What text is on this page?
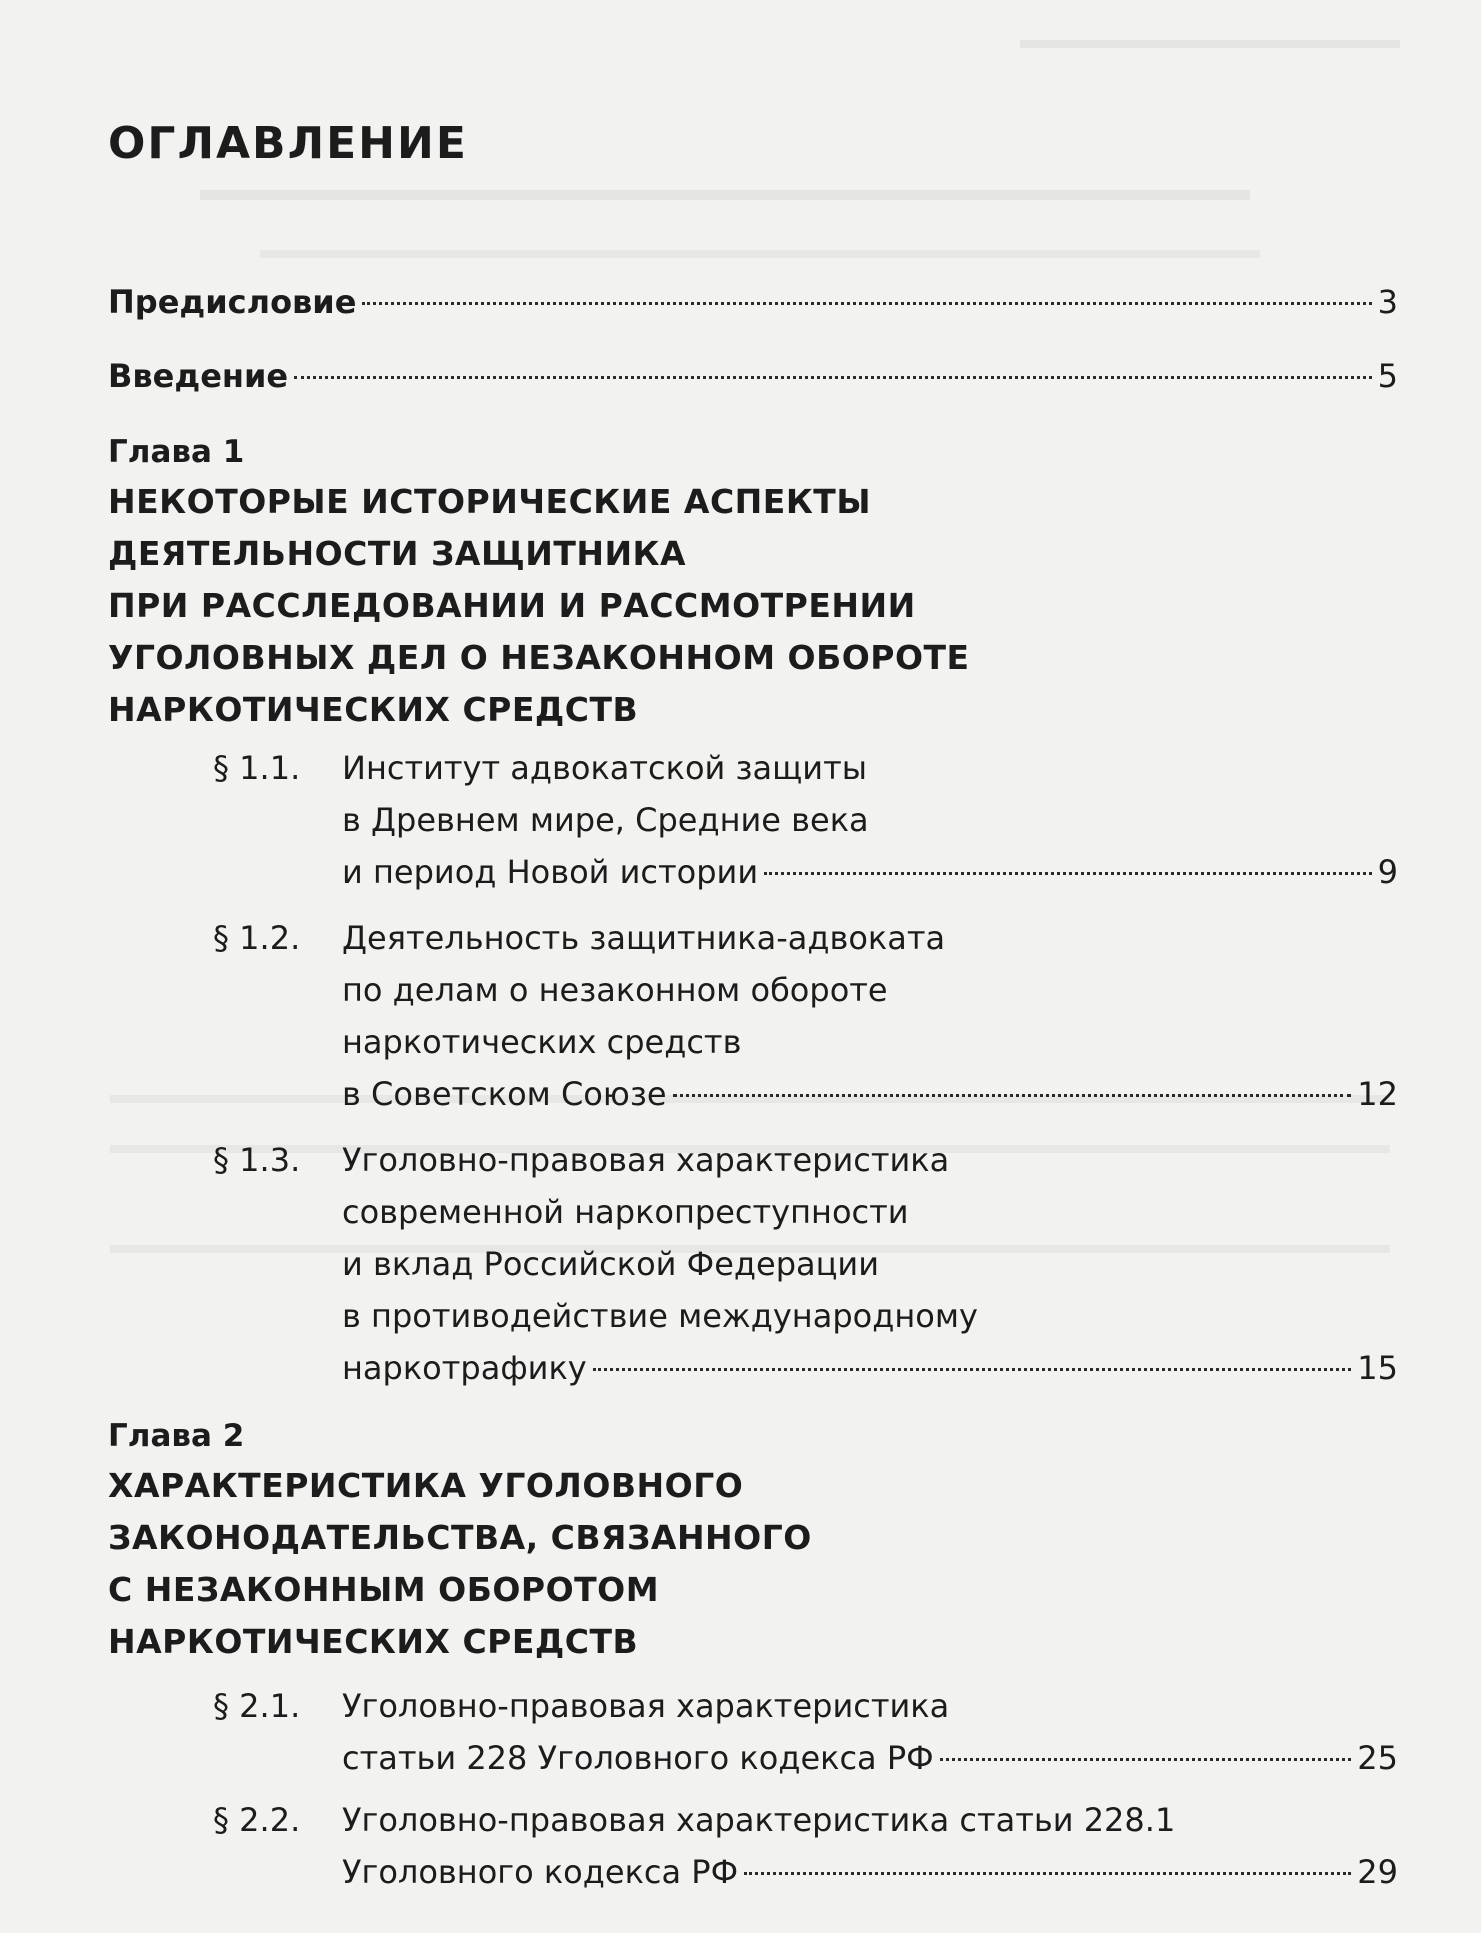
ОГЛАВЛЕНИЕ
Предисловие	3
Введение	5

Глава 1

НЕКОТОРЫЕ ИСТОРИЧЕСКИЕ АСПЕКТЫ
ДЕЯТЕЛЬНОСТИ ЗАЩИТНИКА
ПРИ РАССЛЕДОВАНИИ И РАССМОТРЕНИИ
УГОЛОВНЫХ ДЕЛ О НЕЗАКОННОМ ОБОРОТЕ
НАРКОТИЧЕСКИХ СРЕДСТВ

§ 1.1. Институт адвокатской защиты

в Древнем мире, Средние века

и период Новой истории	9

§ 1.2. Деятельность защитника-адвоката

по делам о незаконном обороте

наркотических средств

в Советском Союзе	12

§ 1.3. Уголовно-правовая характеристика

современной наркопреступности

и вклад Российской Федерации

в противодействие международному

наркотрафику	15

Глава 2

ХАРАКТЕРИСТИКА УГОЛОВНОГО
ЗАКОНОДАТЕЛЬСТВА, СВЯЗАННОГО
С НЕЗАКОННЫМ ОБОРОТОМ
НАРКОТИЧЕСКИХ СРЕДСТВ

§ 2.1. Уголовно-правовая характеристика

статьи 228 Уголовного кодекса РФ	25

§ 2.2. Уголовно-правовая характеристика статьи 228.1

Уголовного кодекса РФ	29
